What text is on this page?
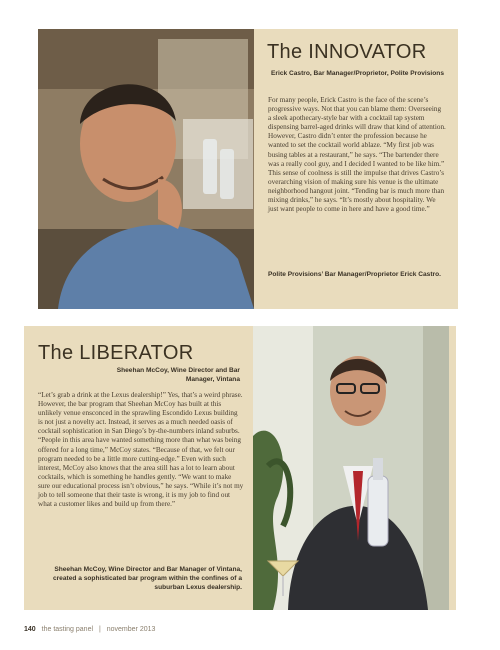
The INNOVATOR
Erick Castro, Bar Manager/Proprietor, Polite Provisions

For many people, Erick Castro is the face of the scene’s progressive ways. Not that you can blame them: Overseeing a sleek apothecary-style bar with a cocktail tap system dispensing barrel-aged drinks will draw that kind of attention. However, Castro didn’t enter the profession because he wanted to set the cocktail world ablaze. “My first job was busing tables at a restaurant,” he says. “The bartender there was a really cool guy, and I decided I wanted to be like him.” This sense of coolness is still the impulse that drives Castro’s overarching vision of making sure his venue is the ultimate neighborhood hangout joint. “Tending bar is much more than mixing drinks,” he says. “It’s mostly about hospitality. We just want people to come in here and have a good time.”

Polite Provisions’ Bar Manager/Proprietor Erick Castro.
The LIBERATOR
Sheehan McCoy, Wine Director and Bar Manager, Vintana

“Let’s grab a drink at the Lexus dealership!” Yes, that’s a weird phrase. However, the bar program that Sheehan McCoy has built at this unlikely venue ensconced in the sprawling Escondido Lexus building is not just a novelty act. Instead, it serves as a much needed oasis of cocktail sophistication in San Diego’s by-the-numbers inland suburbs. “People in this area have wanted something more than what was being offered for a long time,” McCoy states. “Because of that, we felt our program needed to be a little more cutting-edge.” Even with such interest, McCoy also knows that the area still has a lot to learn about cocktails, which is something he handles gently. “We want to make sure our educational process isn’t obvious,” he says. “While it’s not my job to tell someone that their taste is wrong, it is my job to find out what a customer likes and build up from there.”

Sheehan McCoy, Wine Director and Bar Manager of Vintana, created a sophisticated bar program within the confines of a suburban Lexus dealership.
140 the tasting panel | november 2013
